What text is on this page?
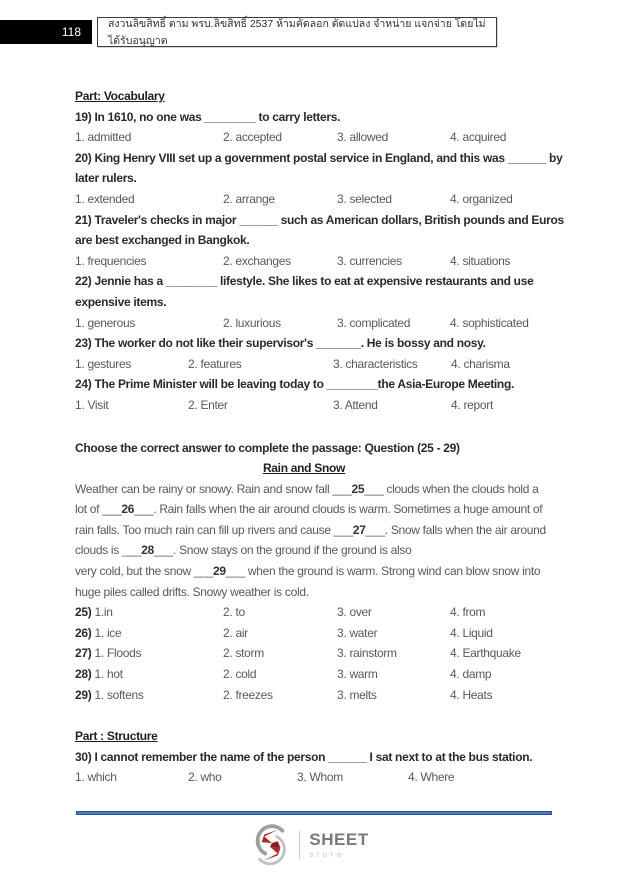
118
สงวนลิขสิทธิ์ ตาม พรบ.ลิขสิทธิ์ 2537 ห้ามคัดลอก ดัดแปลง จำหน่าย แจกจ่าย โดยไม่ได้รับอนุญาต
Part: Vocabulary
19) In 1610, no one was ________ to carry letters.
1. admitted	2. accepted	3. allowed	4. acquired
20) King Henry VIII set up a government postal service in England, and this was ______ by
later rulers.
1. extended	2. arrange	3. selected	4. organized
21) Traveler's checks in major ______ such as American dollars, British pounds and Euros
are best exchanged in Bangkok.
1. frequencies	2. exchanges	3. currencies	4. situations
22) Jennie has a ________ lifestyle. She likes to eat at expensive restaurants and use
expensive items.
1. generous	2. luxurious	3. complicated	4. sophisticated
23) The worker do not like their supervisor's _______. He is bossy and nosy.
1. gestures	2. features	3. characteristics	4. charisma
24) The Prime Minister will be leaving today to ________the Asia-Europe Meeting.
1. Visit	2. Enter	3. Attend	4. report
Choose the correct answer to complete the passage: Question (25 - 29)
Rain and Snow
Weather can be rainy or snowy. Rain and snow fall ___25___ clouds when the clouds hold a
lot of ___26___. Rain falls when the air around clouds is warm. Sometimes a huge amount of
rain falls. Too much rain can fill up rivers and cause ___27___. Snow falls when the air around
clouds is ___28___. Snow stays on the ground if the ground is also
very cold, but the snow ___29___ when the ground is warm. Strong wind can blow snow into
huge piles called drifts. Snowy weather is cold.
25) 1.in	2. to	3. over	4. from
26) 1. ice	2. air	3. water	4. Liquid
27) 1. Floods	2. storm	3. rainstorm	4. Earthquake
28) 1. hot	2. cold	3. warm	4. damp
29) 1. softens	2. freezes	3. melts	4. Heats
Part : Structure
30) I cannot remember the name of the person ______ I sat next to at the bus station.
1. which	2. who	3. Whom	4. Where
SHEET
store
